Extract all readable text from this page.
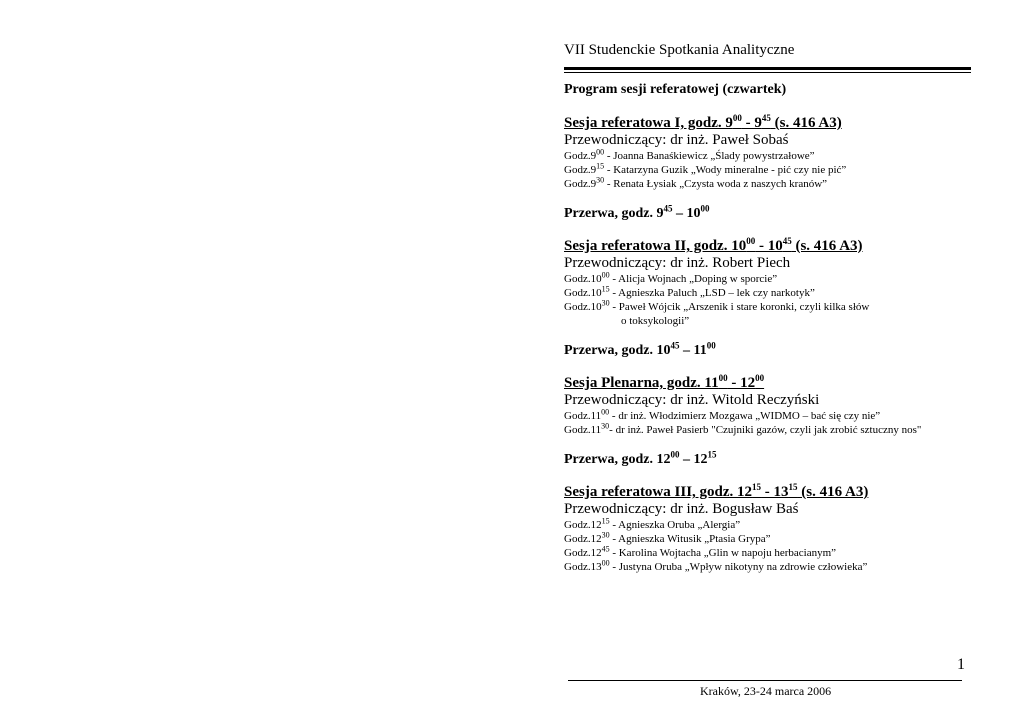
VII Studenckie Spotkania Analityczne
Program sesji referatowej (czwartek)
Sesja referatowa I, godz. $9^{00} - 9^{45}$ (s. 416 A3)
Przewodniczący: dr inż. Paweł Sobaś
$Godz.9^{00}$ - Joanna Banaśkiewicz „Ślady powystrzałowe”
$Godz.9^{15}$ - Katarzyna Guzik „Wody mineralne - pić czy nie pić”
$Godz.9^{30}$ - Renata Łysiak „Czysta woda z naszych kranów”
Przerwa, godz. $9^{45} - 10^{00}$
Sesja referatowa II, godz. $10^{00} - 10^{45}$ (s. 416 A3)
Przewodniczący: dr inż. Robert Piech
$Godz.10^{00}$ - Alicja Wojnach „Doping w sporcie”
$Godz.10^{15}$ - Agnieszka Paluch „LSD – lek czy narkotyk”
$Godz.10^{30}$ - Paweł Wójcik „Arszenik i stare koronki, czyli kilka słów
o toksykologii”
Przerwa, godz. $10^{45} - 11^{00}$
Sesja Plenarna, godz. $11^{00} - 12^{00}$
Przewodniczący: dr inż. Witold Reczyński
$Godz.11^{00}$ - dr inż. Włodzimierz Mozgawa „WIDMO – bać się czy nie”
$Godz.11^{30}-$ dr inż. Paweł Pasierb "Czujniki gazów, czyli jak zrobić sztuczny nos"
Przerwa, godz. $12^{00} - 12^{15}$
Sesja referatowa III, godz. $12^{15} - 13^{15}$ (s. 416 A3)
Przewodniczący: dr inż. Bogusław Baś
$Godz.12^{15}$ - Agnieszka Oruba „Alergia”
$Godz.12^{30}$ - Agnieszka Witusik „Ptasia Grypa”
$Godz.12^{45}$ - Karolina Wojtacha „Glin w napoju herbacianym”
$Godz.13^{00}$ - Justyna Oruba „Wpływ nikotyny na zdrowie człowieka”
1
Kraków, 23-24 marca 2006
